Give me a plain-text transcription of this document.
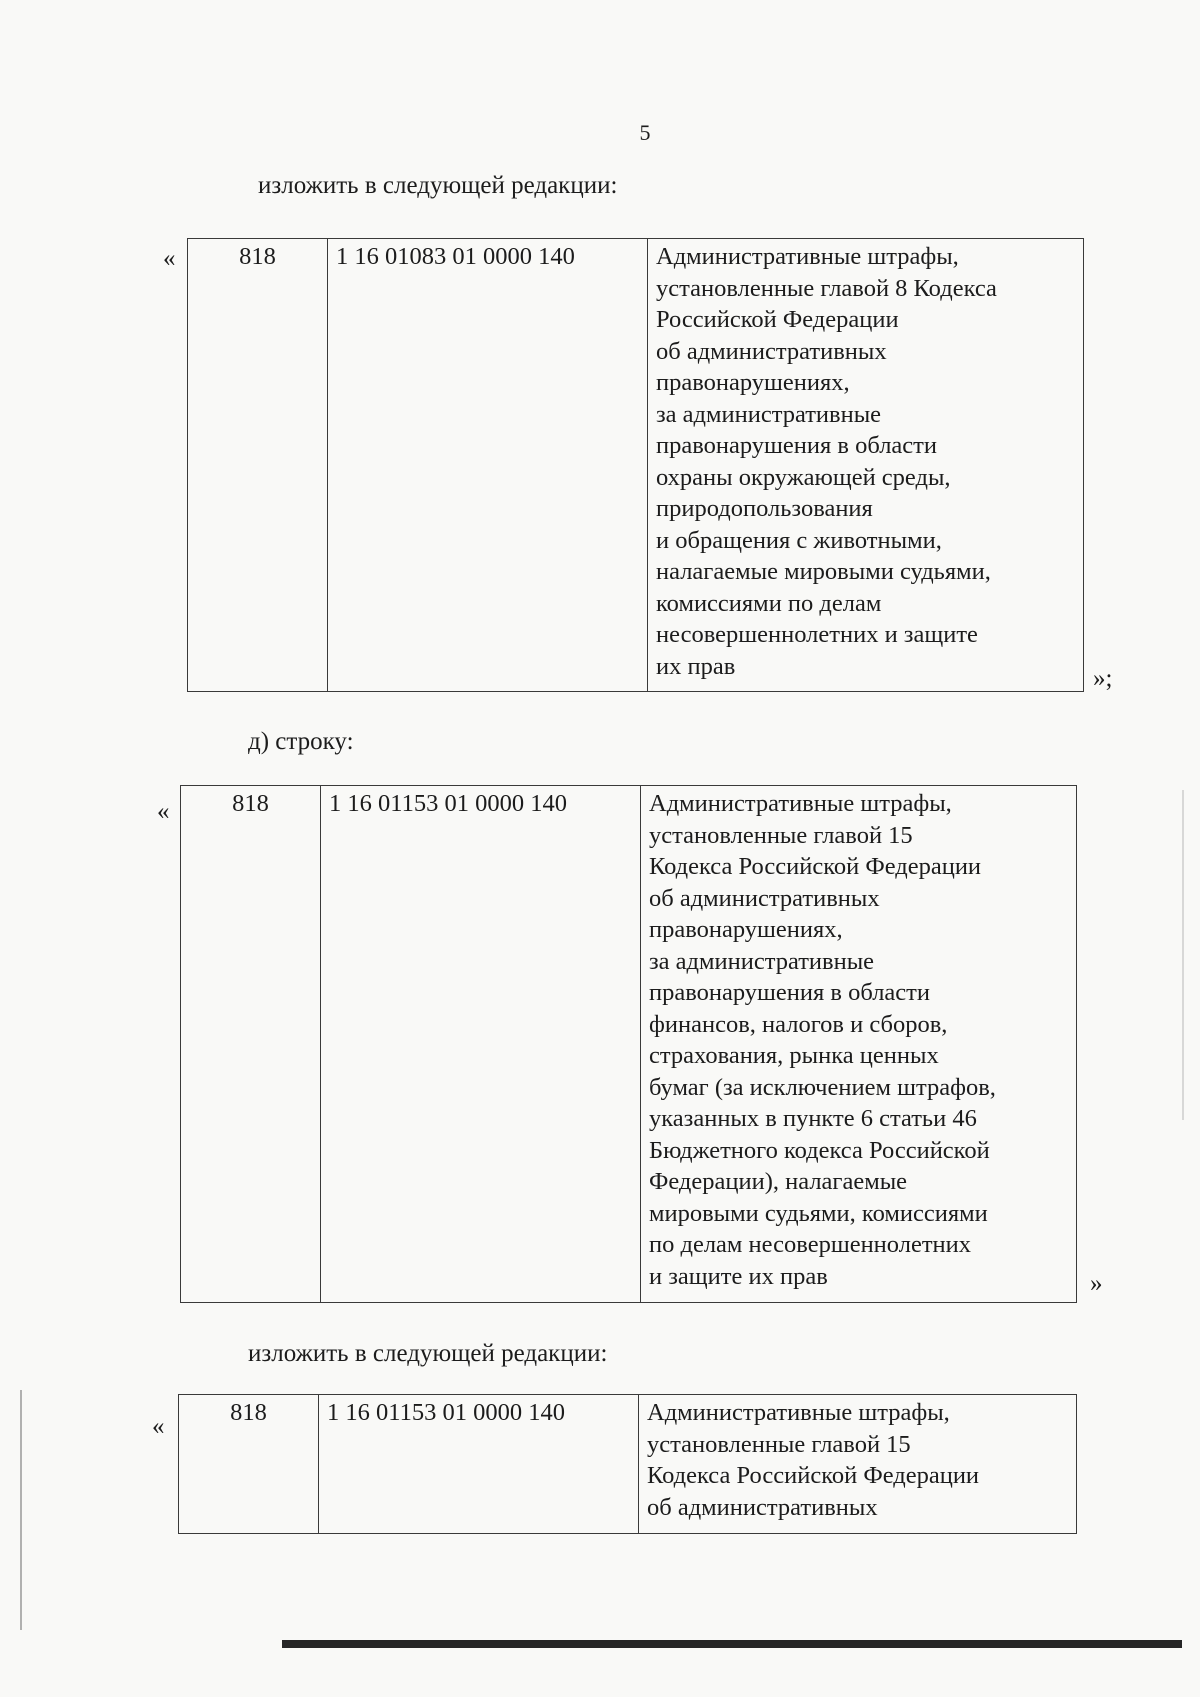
5
изложить в следующей редакции:
«	818	1 16 01083 01 0000 140	Административные штрафы,
установленные главой 8 Кодекса
Российской Федерации
об административных
правонарушениях,
за административные
правонарушения в области
охраны окружающей среды,
природопользования
и обращения с животными,
налагаемые мировыми судьями,
комиссиями по делам
несовершеннолетних и защите
их прав	»;
д) строку:
«	818	1 16 01153 01 0000 140	Административные штрафы,
установленные главой 15
Кодекса Российской Федерации
об административных
правонарушениях,
за административные
правонарушения в области
финансов, налогов и сборов,
страхования, рынка ценных
бумаг (за исключением штрафов,
указанных в пункте 6 статьи 46
Бюджетного кодекса Российской
Федерации), налагаемые
мировыми судьями, комиссиями
по делам несовершеннолетних
и защите их прав	»
изложить в следующей редакции:
«
818	1 16 01153 01 0000 140	Административные штрафы,
установленные главой 15
Кодекса Российской Федерации
об административных
